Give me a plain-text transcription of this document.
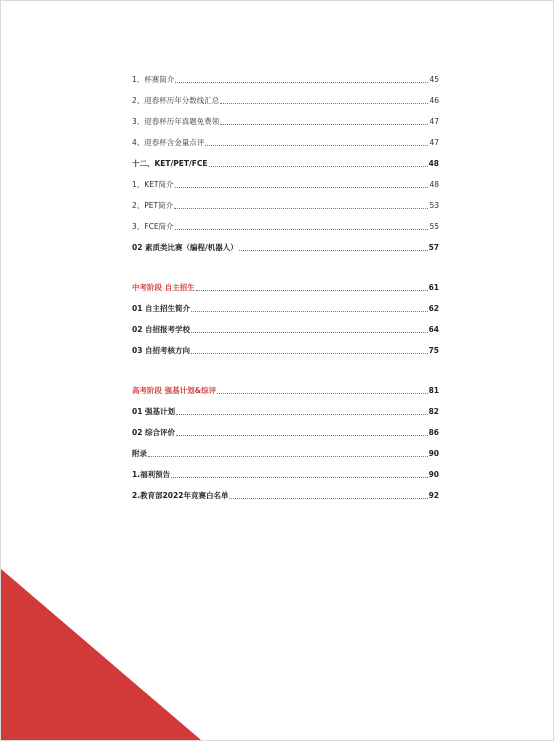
1、杯赛简介	45
2、迎春杯历年分数线汇总	46
3、迎春杯历年真题免费领	47
4、迎春杯含金量点评	47
十二、KET/PET/FCE	48
1、KET简介	48
2、PET简介	53
3、FCE简介	55
02 素质类比赛（编程/机器人）	57
中考阶段 自主招生	61
01 自主招生简介	62
02 自招报考学校	64
03 自招考核方向	75
高考阶段 强基计划&综评	81
01 强基计划	82
02 综合评价	86
附录	90
1.福利预告	90
2.教育部2022年竞赛白名单	92
